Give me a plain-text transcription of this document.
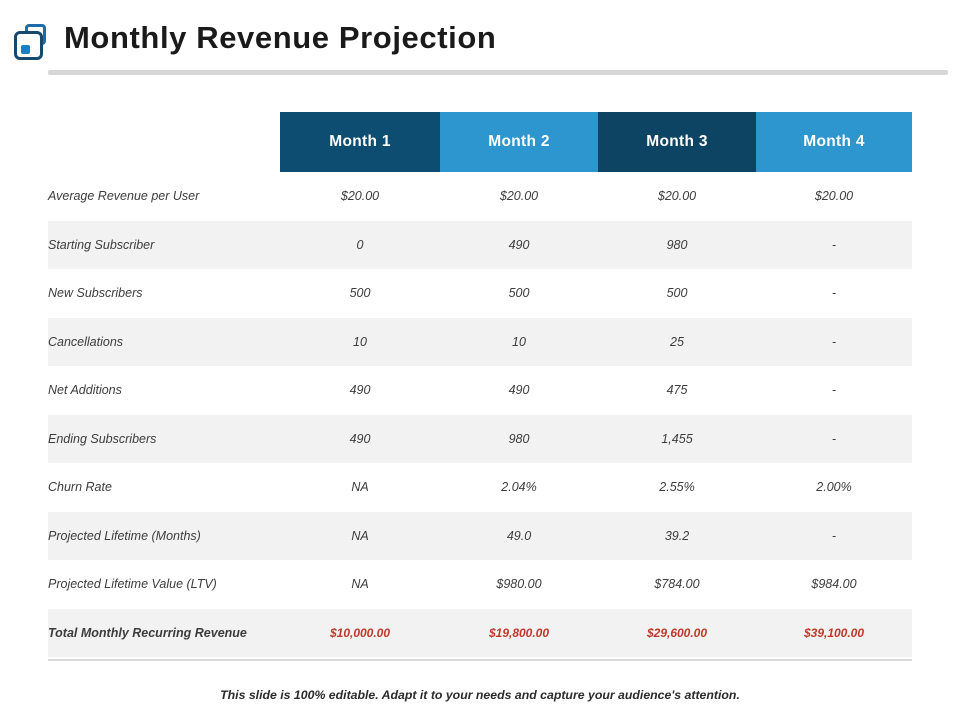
Monthly Revenue Projection
	Month 1	Month 2	Month 3	Month 4
Average Revenue per User	$20.00	$20.00	$20.00	$20.00
Starting Subscriber	0	490	980	-
New Subscribers	500	500	500	-
Cancellations	10	10	25	-
Net Additions	490	490	475	-
Ending Subscribers	490	980	1,455	-
Churn Rate	NA	2.04%	2.55%	2.00%
Projected Lifetime (Months)	NA	49.0	39.2	-
Projected Lifetime Value (LTV)	NA	$980.00	$784.00	$984.00
Total Monthly Recurring Revenue	$10,000.00	$19,800.00	$29,600.00	$39,100.00
This slide is 100% editable. Adapt it to your needs and capture your audience's attention.
